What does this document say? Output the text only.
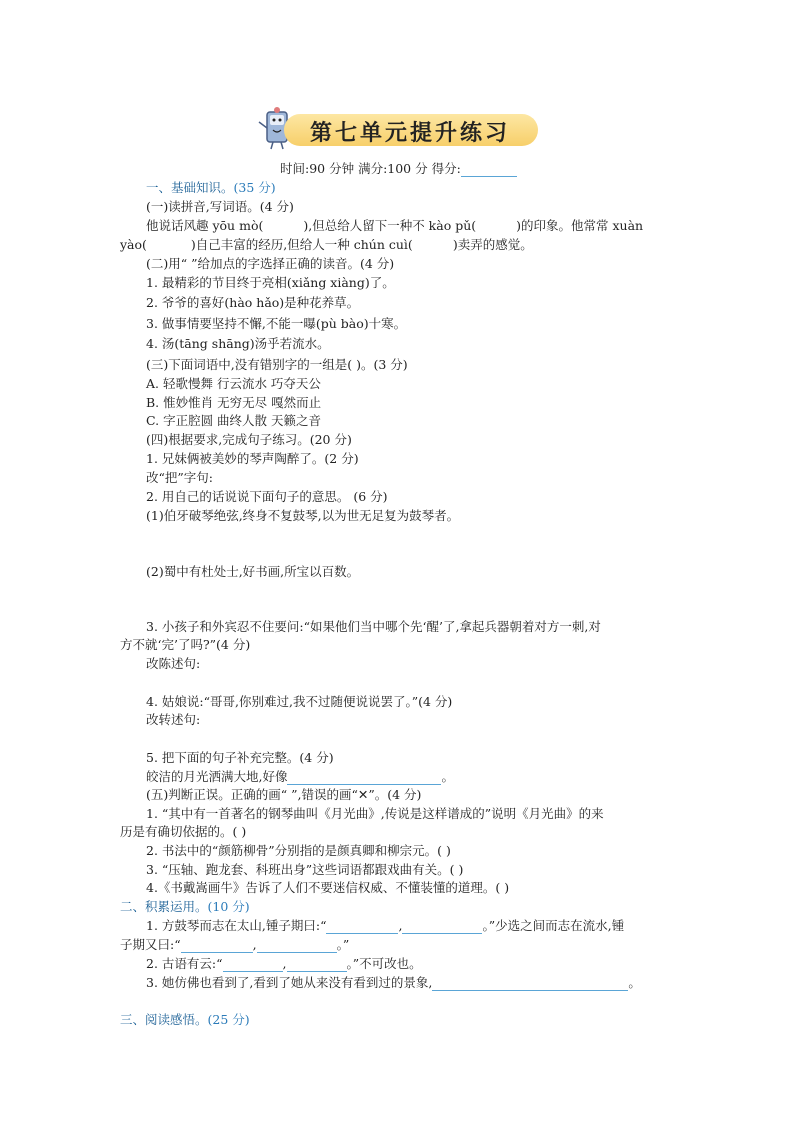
第七单元提升练习
时间:90 分钟 满分:100 分 得分:
一、基础知识。(35 分)
(一)读拼音,写词语。(4 分)
他说话风趣 yōu mò(	),但总给人留下一种不 kào pǔ(	)的印象。他常常 xuàn
yào(	)自己丰富的经历,但给人一种 chún cuì(	)卖弄的感觉。
(二)用“ ”给加点的字选择正确的读音。(4 分)
1. 最精彩的节目终于亮相(xiǎng xiàng)了。
2. 爷爷的喜好(hào hǎo)是种花养草。
3. 做事情要坚持不懈,不能一曝(pù bào)十寒。
4. 汤(tāng shāng)汤乎若流水。
(三)下面词语中,没有错别字的一组是( )。(3 分)
A. 轻歌慢舞 行云流水 巧夺天公
B. 惟妙惟肖 无穷无尽 嘎然而止
C. 字正腔圆 曲终人散 天籁之音
(四)根据要求,完成句子练习。(20 分)
1. 兄妹俩被美妙的琴声陶醉了。(2 分)
改“把”字句:
2. 用自己的话说说下面句子的意思。 (6 分)
(1)伯牙破琴绝弦,终身不复鼓琴,以为世无足复为鼓琴者。
(2)蜀中有杜处士,好书画,所宝以百数。
3. 小孩子和外宾忍不住要问:“如果他们当中哪个先‘醒’了,拿起兵器朝着对方一刺,对
方不就‘完’了吗?”(4 分)
改陈述句:
4. 姑娘说:“哥哥,你别难过,我不过随便说说罢了。”(4 分)
改转述句:
5. 把下面的句子补充完整。(4 分)
皎洁的月光洒满大地,好像	。
(五)判断正误。正确的画“ ”,错误的画“✕”。(4 分)
1. “其中有一首著名的钢琴曲叫《月光曲》,传说是这样谱成的”说明《月光曲》的来
历是有确切依据的。( )
2. 书法中的“颜筋柳骨”分别指的是颜真卿和柳宗元。( )
3. “压轴、跑龙套、科班出身”这些词语都跟戏曲有关。( )
4.《书戴嵩画牛》告诉了人们不要迷信权威、不懂装懂的道理。( )
二、积累运用。(10 分)
1. 方鼓琴而志在太山,锺子期曰:“	,	。”少选之间而志在流水,锺
子期又曰:“	,	。”
2. 古语有云:“	,	。”不可改也。
3. 她仿佛也看到了,看到了她从来没有看到过的景象,	。
三、阅读感悟。(25 分)
